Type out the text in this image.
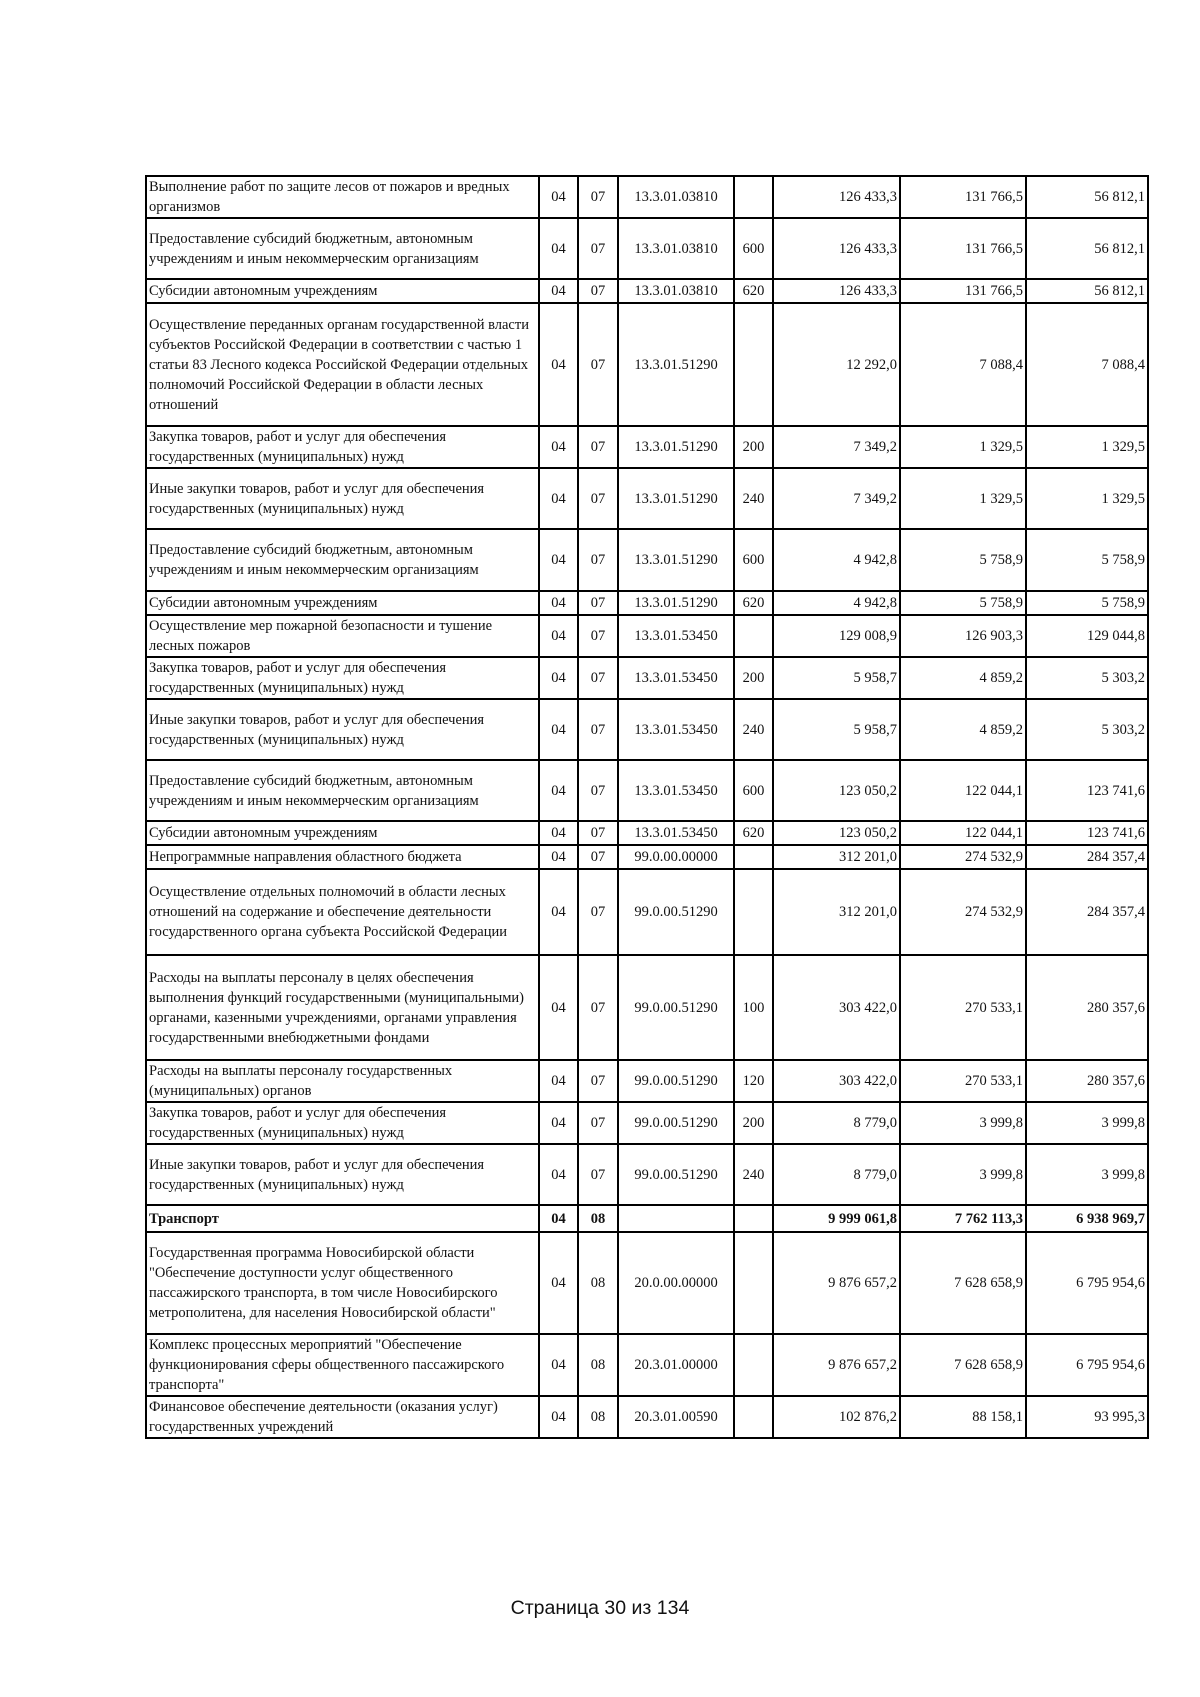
Выполнение работ по защите лесов от пожаров и вредных организмов	04	07	13.3.01.03810		126 433,3	131 766,5	56 812,1
Предоставление субсидий бюджетным, автономным учреждениям и иным некоммерческим организациям	04	07	13.3.01.03810	600	126 433,3	131 766,5	56 812,1
Субсидии автономным учреждениям	04	07	13.3.01.03810	620	126 433,3	131 766,5	56 812,1
Осуществление переданных органам государственной власти субъектов Российской Федерации в соответствии с частью 1 статьи 83 Лесного кодекса Российской Федерации отдельных полномочий Российской Федерации в области лесных отношений	04	07	13.3.01.51290		12 292,0	7 088,4	7 088,4
Закупка товаров, работ и услуг для обеспечения государственных (муниципальных) нужд	04	07	13.3.01.51290	200	7 349,2	1 329,5	1 329,5
Иные закупки товаров, работ и услуг для обеспечения государственных (муниципальных) нужд	04	07	13.3.01.51290	240	7 349,2	1 329,5	1 329,5
Предоставление субсидий бюджетным, автономным учреждениям и иным некоммерческим организациям	04	07	13.3.01.51290	600	4 942,8	5 758,9	5 758,9
Субсидии автономным учреждениям	04	07	13.3.01.51290	620	4 942,8	5 758,9	5 758,9
Осуществление мер пожарной безопасности и тушение лесных пожаров	04	07	13.3.01.53450		129 008,9	126 903,3	129 044,8
Закупка товаров, работ и услуг для обеспечения государственных (муниципальных) нужд	04	07	13.3.01.53450	200	5 958,7	4 859,2	5 303,2
Иные закупки товаров, работ и услуг для обеспечения государственных (муниципальных) нужд	04	07	13.3.01.53450	240	5 958,7	4 859,2	5 303,2
Предоставление субсидий бюджетным, автономным учреждениям и иным некоммерческим организациям	04	07	13.3.01.53450	600	123 050,2	122 044,1	123 741,6
Субсидии автономным учреждениям	04	07	13.3.01.53450	620	123 050,2	122 044,1	123 741,6
Непрограммные направления областного бюджета	04	07	99.0.00.00000		312 201,0	274 532,9	284 357,4
Осуществление отдельных полномочий в области лесных отношений на содержание и обеспечение деятельности государственного органа субъекта Российской Федерации	04	07	99.0.00.51290		312 201,0	274 532,9	284 357,4
Расходы на выплаты персоналу в целях обеспечения выполнения функций государственными (муниципальными) органами, казенными учреждениями, органами управления государственными внебюджетными фондами	04	07	99.0.00.51290	100	303 422,0	270 533,1	280 357,6
Расходы на выплаты персоналу государственных (муниципальных) органов	04	07	99.0.00.51290	120	303 422,0	270 533,1	280 357,6
Закупка товаров, работ и услуг для обеспечения государственных (муниципальных) нужд	04	07	99.0.00.51290	200	8 779,0	3 999,8	3 999,8
Иные закупки товаров, работ и услуг для обеспечения государственных (муниципальных) нужд	04	07	99.0.00.51290	240	8 779,0	3 999,8	3 999,8
Транспорт	04	08			9 999 061,8	7 762 113,3	6 938 969,7
Государственная программа Новосибирской области "Обеспечение доступности услуг общественного пассажирского транспорта, в том числе Новосибирского метрополитена, для населения Новосибирской области"	04	08	20.0.00.00000		9 876 657,2	7 628 658,9	6 795 954,6
Комплекс процессных мероприятий "Обеспечение функционирования сферы общественного пассажирского транспорта"	04	08	20.3.01.00000		9 876 657,2	7 628 658,9	6 795 954,6
Финансовое обеспечение деятельности (оказания услуг) государственных учреждений	04	08	20.3.01.00590		102 876,2	88 158,1	93 995,3
Страница 30 из 134
